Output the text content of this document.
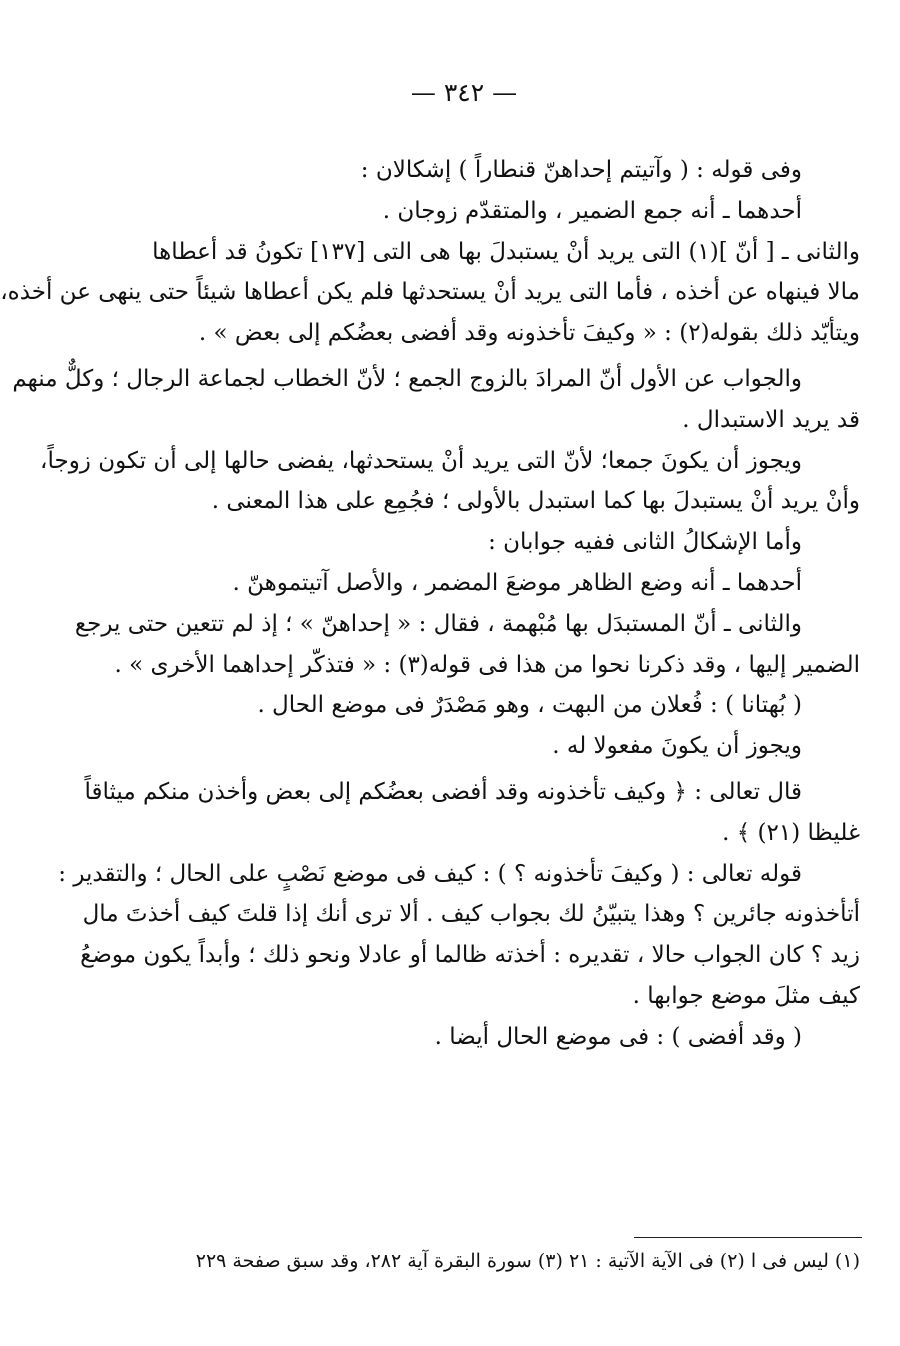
— ٣٤٢ —
وفى قوله : ( وآتيتم إحداهنّ قنطاراً ) إشكالان :
أحدهما ـ أنه جمع الضمير ، والمتقدّم زوجان .
والثانى ـ [ أنّ ](١) التى يريد أنْ يستبدلَ بها هى التى [١٣٧] تكونُ قد أعطاها
مالا فينهاه عن أخذه ، فأما التى يريد أنْ يستحدثها فلم يكن أعطاها شيئاً حتى ينهى عن أخذه،
ويتأيّد ذلك بقوله(٢) : « وكيفَ تأخذونه وقد أفضى بعضُكم إلى بعض » .
والجواب عن الأول أنّ المرادَ بالزوج الجمع ؛ لأنّ الخطاب لجماعة الرجال ؛ وكلٌّ منهم
قد يريد الاستبدال .
ويجوز أن يكونَ جمعا؛ لأنّ التى يريد أنْ يستحدثها، يفضى حالها إلى أن تكون زوجاً،
وأنْ يريد أنْ يستبدلَ بها كما استبدل بالأولى ؛ فجُمِع على هذا المعنى .
وأما الإشكالُ الثانى ففيه جوابان :
أحدهما ـ أنه وضع الظاهر موضعَ المضمر ، والأصل آتيتموهنّ .
والثانى ـ أنّ المستبدَل بها مُبْهمة ، فقال : « إحداهنّ » ؛ إذ لم تتعين حتى يرجع
الضمير إليها ، وقد ذكرنا نحوا من هذا فى قوله(٣) : « فتذكّر إحداهما الأخرى » .
( بُهتانا ) : فُعلان من البهت ، وهو مَصْدَرٌ فى موضع الحال .
ويجوز أن يكونَ مفعولا له .
قال تعالى : ﴿ وكيف تأخذونه وقد أفضى بعضُكم إلى بعض وأخذن منكم ميثاقاً
غليظا (٢١) ﴾ .
قوله تعالى : ( وكيفَ تأخذونه ؟ ) : كيف فى موضع نَصْبٍ على الحال ؛ والتقدير :
أتأخذونه جائرين ؟ وهذا يتبيّنُ لك بجواب كيف . ألا ترى أنك إذا قلتَ كيف أخذتَ مال
زيد ؟ كان الجواب حالا ، تقديره : أخذته ظالما أو عادلا ونحو ذلك ؛ وأبداً يكون موضعُ
كيف مثلَ موضع جوابها .
( وقد أفضى ) : فى موضع الحال أيضا .
(١) ليس فى ا (٢) فى الآية الآتية : ٢١ (٣) سورة البقرة آية ٢٨٢، وقد سبق صفحة ٢٢٩
